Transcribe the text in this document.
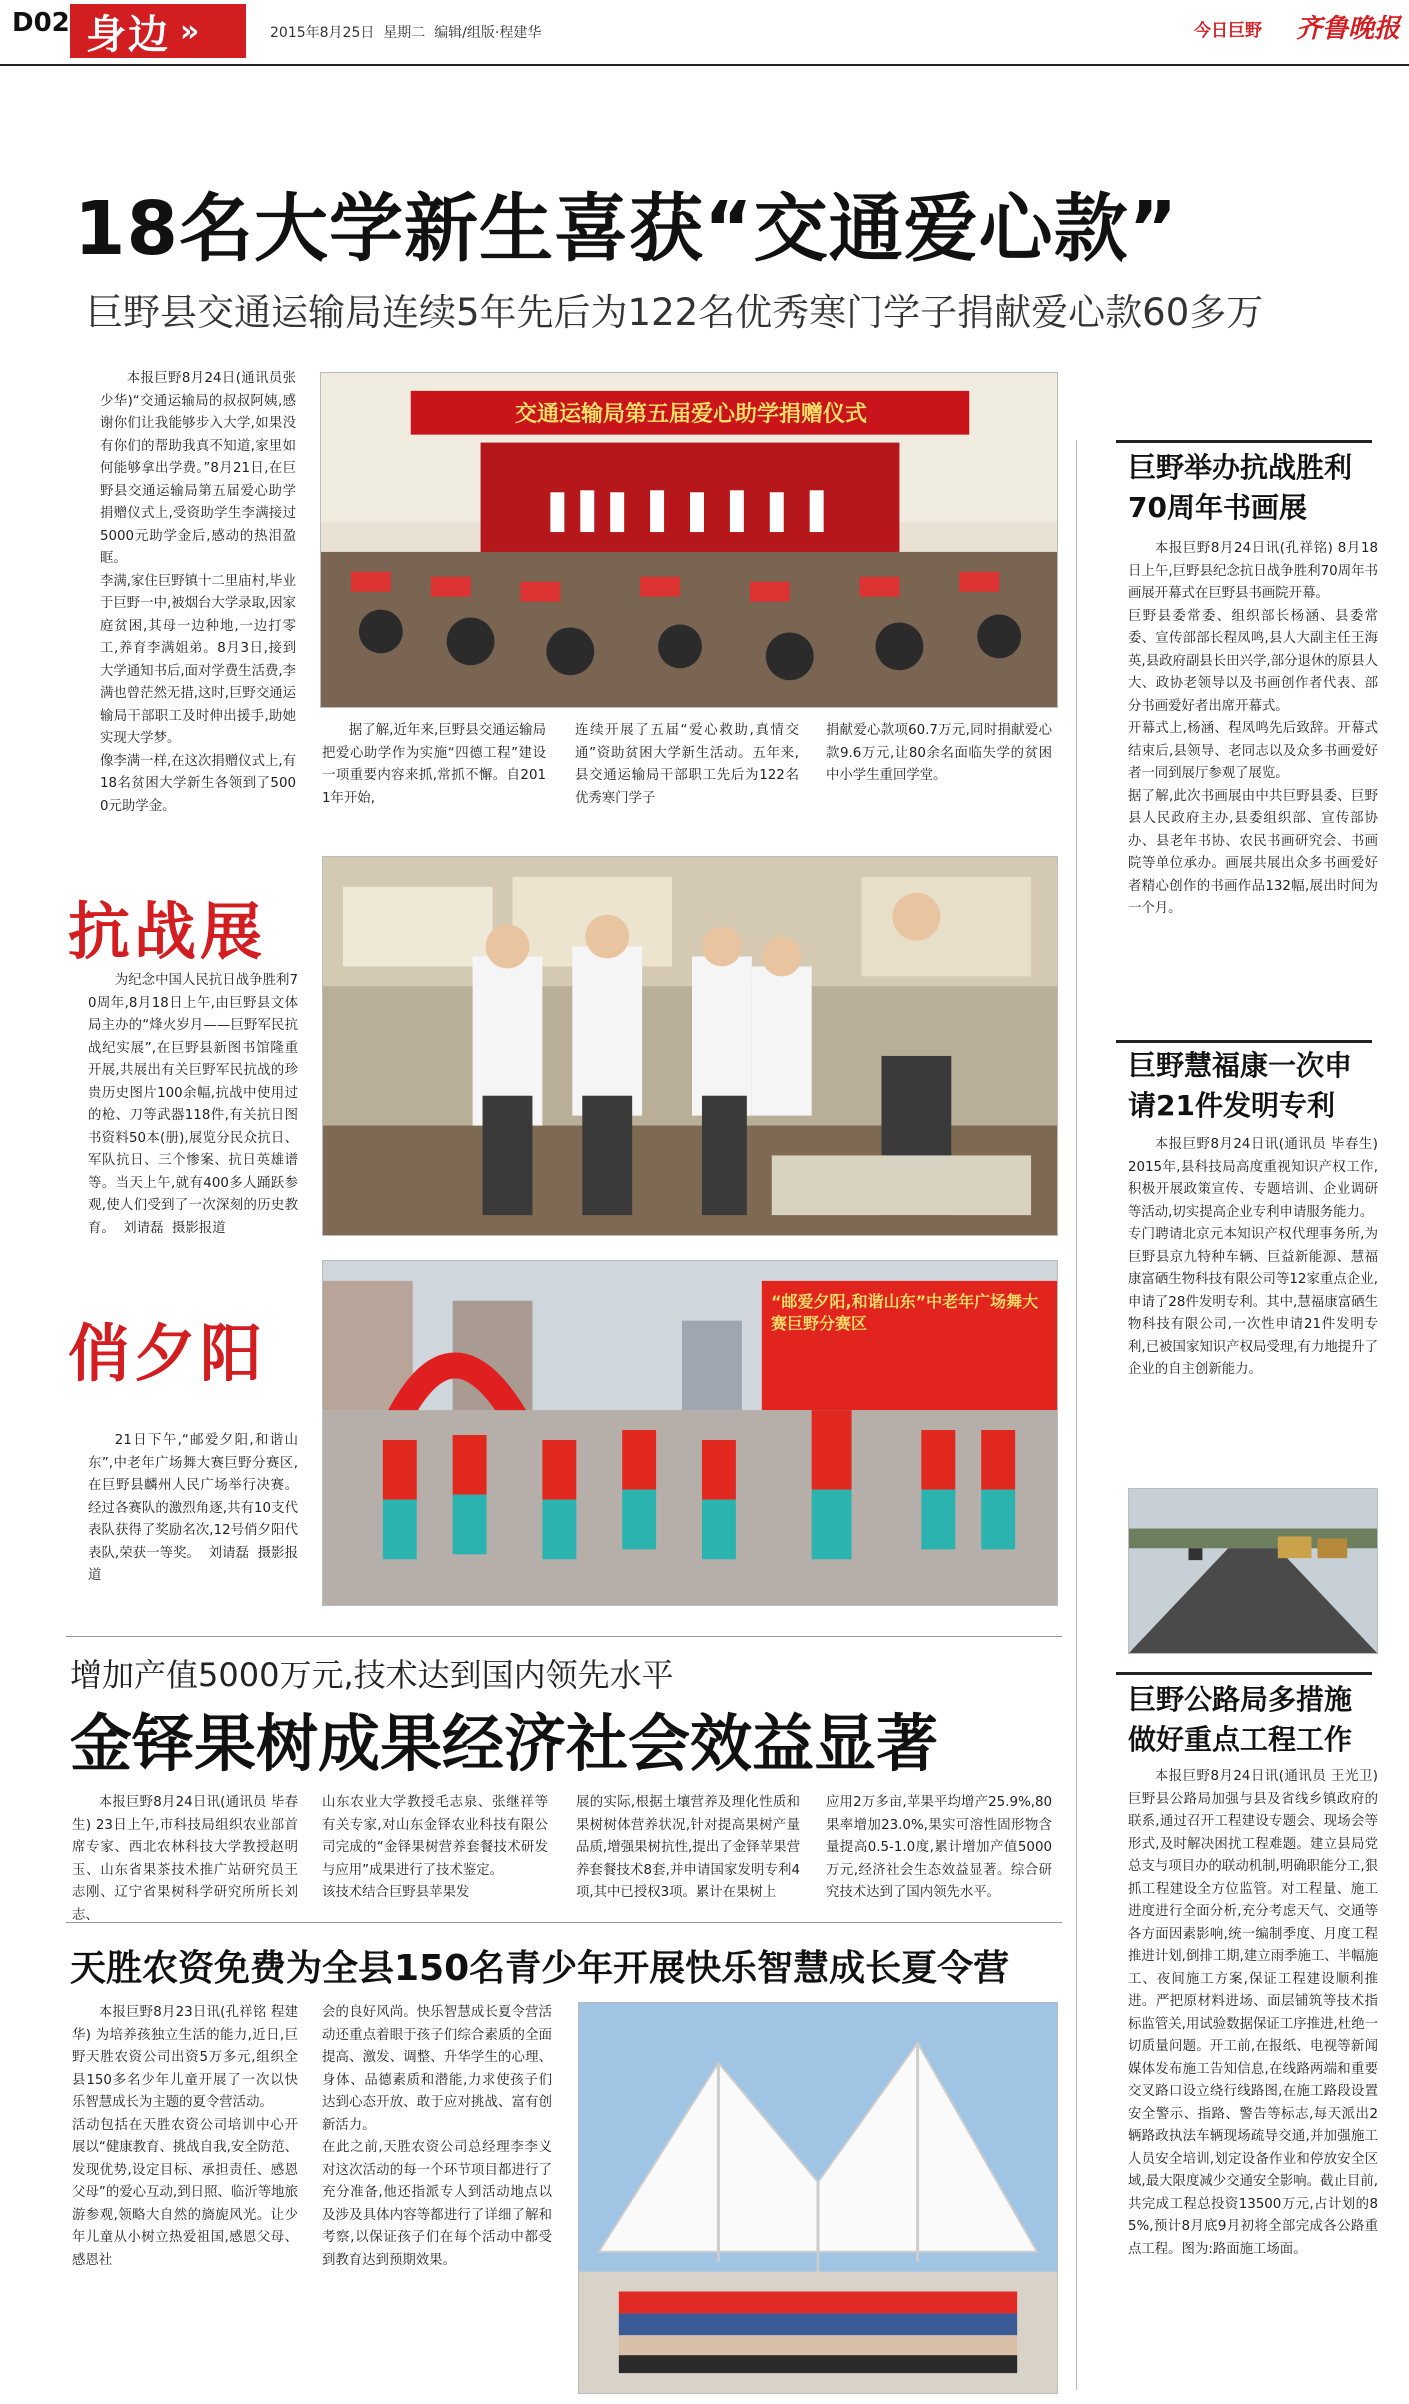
D02 身边 »	2015年8月25日  星期二  编辑/组版·程建华	今日巨野 齐鲁晚报
18名大学新生喜获“交通爱心款”
巨野县交通运输局连续5年先后为122名优秀寒门学子捐献爱心款60多万
本报巨野8月24日(通讯员张少华)“交通运输局的叔叔阿姨,感谢你们让我能够步入大学,如果没有你们的帮助我真不知道,家里如何能够拿出学费。”8月21日,在巨野县交通运输局第五届爱心助学捐赠仪式上,受资助学生李满接过5000元助学金后,感动的热泪盈眶。
李满,家住巨野镇十二里庙村,毕业于巨野一中,被烟台大学录取,因家庭贫困,其母一边种地,一边打零工,养育李满姐弟。8月3日,接到大学通知书后,面对学费生活费,李满也曾茫然无措,这时,巨野交通运输局干部职工及时伸出援手,助她实现大学梦。
像李满一样,在这次捐赠仪式上,有18名贫困大学新生各领到了5000元助学金。
交通运输局第五届爱心助学捐赠仪式
据了解,近年来,巨野县交通运输局把爱心助学作为实施“四德工程”建设一项重要内容来抓,常抓不懈。自2011年开始,
连续开展了五届“爱心救助,真情交通”资助贫困大学新生活动。五年来,县交通运输局干部职工先后为122名优秀寒门学子
捐献爱心款项60.7万元,同时捐献爱心款9.6万元,让80余名面临失学的贫困中小学生重回学堂。
抗战展
为纪念中国人民抗日战争胜利70周年,8月18日上午,由巨野县文体局主办的“烽火岁月——巨野军民抗战纪实展”,在巨野县新图书馆隆重开展,共展出有关巨野军民抗战的珍贵历史图片100余幅,抗战中使用过的枪、刀等武器118件,有关抗日图书资料50本(册),展览分民众抗日、军队抗日、三个惨案、抗日英雄谱等。当天上午,就有400多人踊跃参观,使人们受到了一次深刻的历史教育。  刘请磊  摄影报道
俏夕阳
21日下午,“邮爱夕阳,和谐山东”,中老年广场舞大赛巨野分赛区,在巨野县麟州人民广场举行决赛。经过各赛队的激烈角逐,共有10支代表队获得了奖励名次,12号俏夕阳代表队,荣获一等奖。  刘请磊  摄影报道
“邮爱夕阳,和谐山东”中老年广场舞大赛巨野分赛区
增加产值5000万元,技术达到国内领先水平
金铎果树成果经济社会效益显著
本报巨野8月24日讯(通讯员 毕春生) 23日上午,市科技局组织农业部首席专家、西北农林科技大学教授赵明玉、山东省果茶技术推广站研究员王志刚、辽宁省果树科学研究所所长刘志、
山东农业大学教授毛志泉、张继祥等有关专家,对山东金铎农业科技有限公司完成的“金铎果树营养套餐技术研发与应用”成果进行了技术鉴定。
该技术结合巨野县苹果发
展的实际,根据土壤营养及理化性质和果树树体营养状况,针对提高果树产量品质,增强果树抗性,提出了金铎苹果营养套餐技术8套,并申请国家发明专利4项,其中已授权3项。累计在果树上
应用2万多亩,苹果平均增产25.9%,80果率增加23.0%,果实可溶性固形物含量提高0.5-1.0度,累计增加产值5000万元,经济社会生态效益显著。综合研究技术达到了国内领先水平。
天胜农资免费为全县150名青少年开展快乐智慧成长夏令营
本报巨野8月23日讯(孔祥铭 程建华) 为培养孩独立生活的能力,近日,巨野天胜农资公司出资5万多元,组织全县150多名少年儿童开展了一次以快乐智慧成长为主题的夏令营活动。
活动包括在天胜农资公司培训中心开展以“健康教育、挑战自我,安全防范、发现优势,设定目标、承担责任、感恩父母”的爱心互动,到日照、临沂等地旅游参观,领略大自然的旖旎风光。让少年儿童从小树立热爱祖国,感恩父母、感恩社
会的良好风尚。快乐智慧成长夏令营活动还重点着眼于孩子们综合素质的全面提高、激发、调整、升华学生的心理、身体、品德素质和潜能,力求使孩子们达到心态开放、敢于应对挑战、富有创新活力。
在此之前,天胜农资公司总经理李李义对这次活动的每一个环节项目都进行了充分准备,他还指派专人到活动地点以及涉及具体内容等都进行了详细了解和考察,以保证孩子们在每个活动中都受到教育达到预期效果。
巨野举办抗战胜利70周年书画展
本报巨野8月24日讯(孔祥铭) 8月18日上午,巨野县纪念抗日战争胜利70周年书画展开幕式在巨野县书画院开幕。
巨野县委常委、组织部长杨涵、县委常委、宣传部部长程凤鸣,县人大副主任王海英,县政府副县长田兴学,部分退休的原县人大、政协老领导以及书画创作者代表、部分书画爱好者出席开幕式。
开幕式上,杨涵、程凤鸣先后致辞。开幕式结束后,县领导、老同志以及众多书画爱好者一同到展厅参观了展览。
据了解,此次书画展由中共巨野县委、巨野县人民政府主办,县委组织部、宣传部协办、县老年书协、农民书画研究会、书画院等单位承办。画展共展出众多书画爱好者精心创作的书画作品132幅,展出时间为一个月。
巨野慧福康一次申请21件发明专利
本报巨野8月24日讯(通讯员 毕春生) 2015年,县科技局高度重视知识产权工作,积极开展政策宣传、专题培训、企业调研等活动,切实提高企业专利申请服务能力。
专门聘请北京元本知识产权代理事务所,为巨野县京九特种车辆、巨益新能源、慧福康富硒生物科技有限公司等12家重点企业,申请了28件发明专利。其中,慧福康富硒生物科技有限公司,一次性申请21件发明专利,已被国家知识产权局受理,有力地提升了企业的自主创新能力。
巨野公路局多措施做好重点工程工作
本报巨野8月24日讯(通讯员 王光卫) 巨野县公路局加强与县及省线乡镇政府的联系,通过召开工程建设专题会、现场会等形式,及时解决困扰工程难题。建立县局党总支与项目办的联动机制,明确职能分工,狠抓工程建设全方位监管。对工程量、施工进度进行全面分析,充分考虑天气、交通等各方面因素影响,统一编制季度、月度工程推进计划,倒排工期,建立雨季施工、半幅施工、夜间施工方案,保证工程建设顺利推进。严把原材料进场、面层铺筑等技术指标监管关,用试验数据保证工序推进,杜绝一切质量问题。开工前,在报纸、电视等新闻媒体发布施工告知信息,在线路两端和重要交叉路口设立绕行线路图,在施工路段设置安全警示、指路、警告等标志,每天派出2辆路政执法车辆现场疏导交通,并加强施工人员安全培训,划定设备作业和停放安全区域,最大限度减少交通安全影响。截止目前,共完成工程总投资13500万元,占计划的85%,预计8月底9月初将全部完成各公路重点工程。图为:路面施工场面。
